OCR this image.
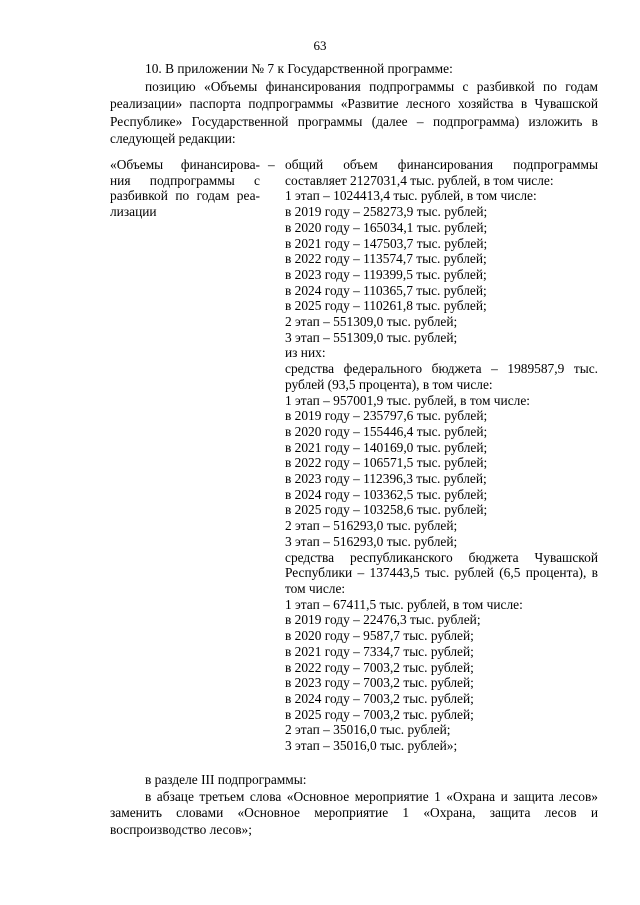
63

10. В приложении № 7 к Государственной программе:

позицию «Объемы финансирования подпрограммы с разбивкой по годам реализации» паспорта подпрограммы «Развитие лесного хозяйства в Чувашской Республике» Государственной программы (далее – подпрограмма) изложить в следующей редакции:

«Объемы финансирова- ния подпрограммы с разбивкой по годам реа- лизации
– общий объем финансирования подпрограммы составляет 2127031,4 тыс. рублей, в том числе:
1 этап – 1024413,4 тыс. рублей, в том числе:
в 2019 году – 258273,9 тыс. рублей;
в 2020 году – 165034,1 тыс. рублей;
в 2021 году – 147503,7 тыс. рублей;
в 2022 году – 113574,7 тыс. рублей;
в 2023 году – 119399,5 тыс. рублей;
в 2024 году – 110365,7 тыс. рублей;
в 2025 году – 110261,8 тыс. рублей;
2 этап – 551309,0 тыс. рублей;
3 этап – 551309,0 тыс. рублей;
из них:
средства федерального бюджета – 1989587,9 тыс. рублей (93,5 процента), в том числе:
1 этап – 957001,9 тыс. рублей, в том числе:
в 2019 году – 235797,6 тыс. рублей;
в 2020 году – 155446,4 тыс. рублей;
в 2021 году – 140169,0 тыс. рублей;
в 2022 году – 106571,5 тыс. рублей;
в 2023 году – 112396,3 тыс. рублей;
в 2024 году – 103362,5 тыс. рублей;
в 2025 году – 103258,6 тыс. рублей;
2 этап – 516293,0 тыс. рублей;
3 этап – 516293,0 тыс. рублей;
средства республиканского бюджета Чувашской Республики – 137443,5 тыс. рублей (6,5 процента), в том числе:
1 этап – 67411,5 тыс. рублей, в том числе:
в 2019 году – 22476,3 тыс. рублей;
в 2020 году – 9587,7 тыс. рублей;
в 2021 году – 7334,7 тыс. рублей;
в 2022 году – 7003,2 тыс. рублей;
в 2023 году – 7003,2 тыс. рублей;
в 2024 году – 7003,2 тыс. рублей;
в 2025 году – 7003,2 тыс. рублей;
2 этап – 35016,0 тыс. рублей;
3 этап – 35016,0 тыс. рублей»;

в разделе III подпрограммы:

в абзаце третьем слова «Основное мероприятие 1 «Охрана и защита лесов» заменить словами «Основное мероприятие 1 «Охрана, защита лесов и воспроизводство лесов»;
